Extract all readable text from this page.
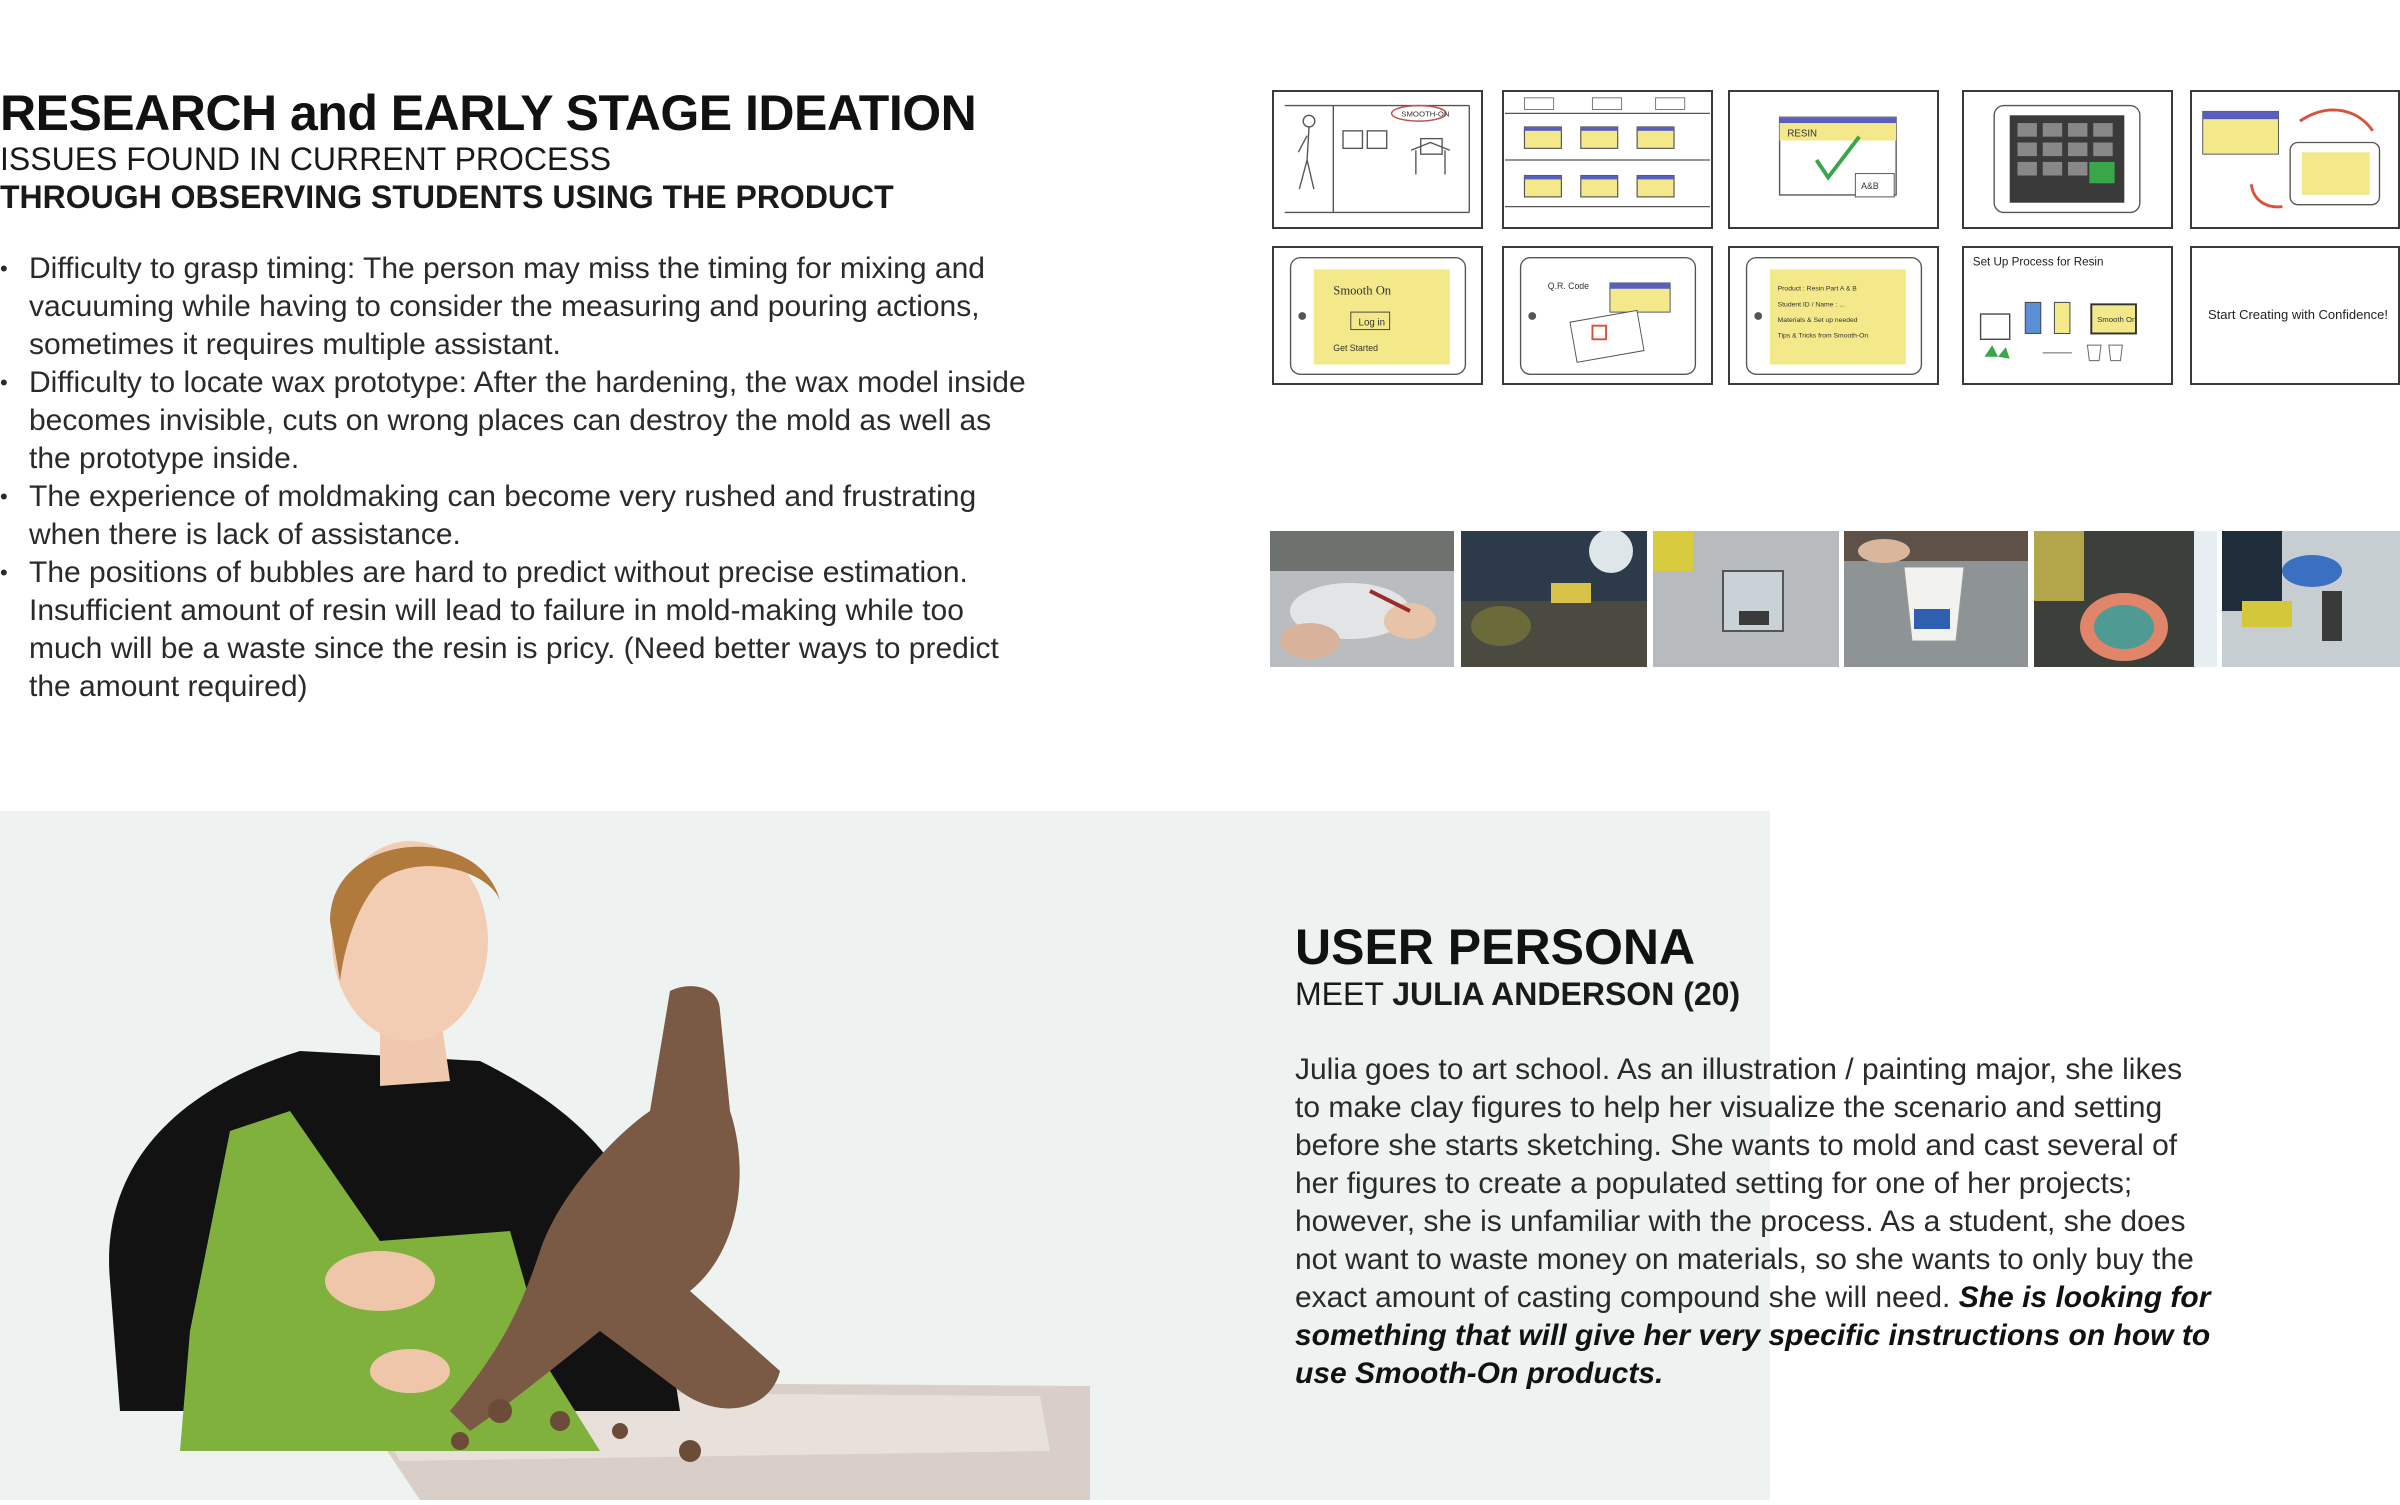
RESEARCH and EARLY STAGE IDEATION
ISSUES FOUND IN CURRENT PROCESS
THROUGH OBSERVING STUDENTS USING THE PRODUCT
• Difficulty to grasp timing: The person may miss the timing for mixing and vacuuming while having to consider the measuring and pouring actions, sometimes it requires multiple assistant.
• Difficulty to locate wax prototype: After the hardening, the wax model inside becomes invisible, cuts on wrong places can destroy the mold as well as the prototype inside.
• The experience of moldmaking can become very rushed and frustrating when there is lack of assistance.
• The positions of bubbles are hard to predict without precise estimation. Insufficient amount of resin will lead to failure in mold-making while too much will be a waste since the resin is pricy. (Need better ways to predict the amount required)
SMOOTH-ON
RESIN
A&B
Smooth On
Log in
Get Started
Q.R. Code	Product : Resin Part A & B
Student ID / Name : ...
Materials & Set up needed
Tips & Tricks from Smooth-On
Set Up Process for Resin
Smooth On	Start Creating with Confidence!
USER PERSONA
MEET JULIA ANDERSON (20)
Julia goes to art school. As an illustration / painting major, she likes to make clay figures to help her visualize the scenario and setting before she starts sketching. She wants to mold and cast several of her figures to create a populated setting for one of her projects; however, she is unfamiliar with the process. As a student, she does not want to waste money on materials, so she wants to only buy the exact amount of casting compound she will need. She is looking for something that will give her very specific instructions on how to use Smooth-On products.
